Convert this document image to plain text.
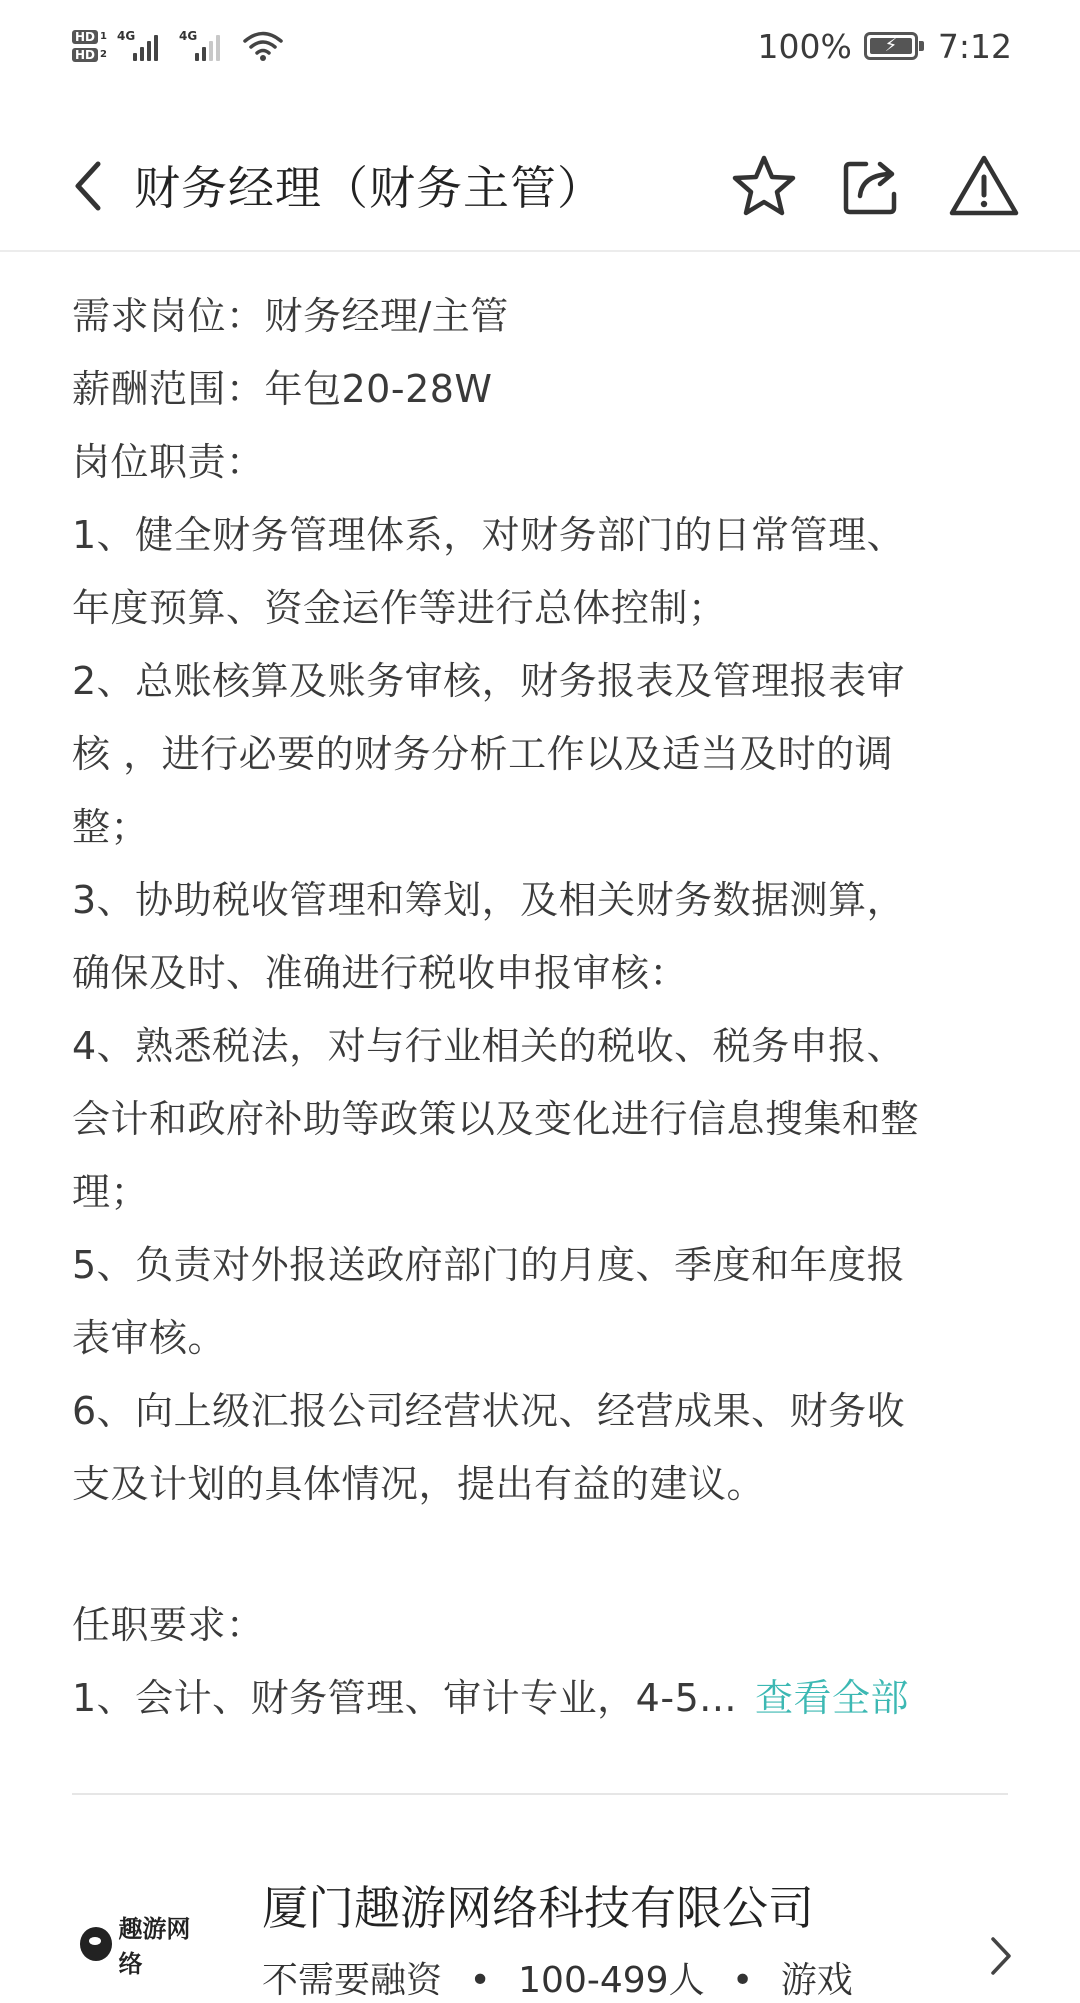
HD 1
HD 2
4G	4G	100% ⚡ 7:12
财务经理（财务主管）
需求岗位：财务经理/主管
薪酬范围：年包20-28W
岗位职责：
1、健全财务管理体系，对财务部门的日常管理、
年度预算、资金运作等进行总体控制；
2、总账核算及账务审核，财务报表及管理报表审
核 ，进行必要的财务分析工作以及适当及时的调
整；
3、协助税收管理和筹划，及相关财务数据测算，
确保及时、准确进行税收申报审核：
4、熟悉税法，对与行业相关的税收、税务申报、
会计和政府补助等政策以及变化进行信息搜集和整
理；
5、负责对外报送政府部门的月度、季度和年度报
表审核。
6、向上级汇报公司经营状况、经营成果、财务收
支及计划的具体情况，提出有益的建议。
任职要求：
1、会计、财务管理、审计专业，4-5... 查看全部
趣游网络
厦门趣游网络科技有限公司
不需要融资 • 100-499人 • 游戏
